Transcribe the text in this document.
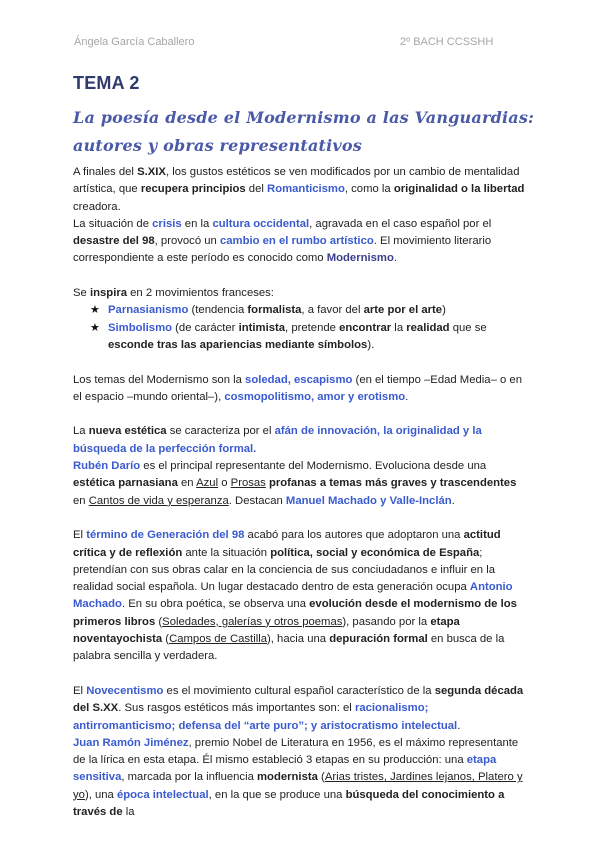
Ángela García Caballero	2º BACH CCSSHH
TEMA 2
La poesía desde el Modernismo a las Vanguardias: autores y obras representativos

A finales del S.XIX, los gustos estéticos se ven modificados por un cambio de mentalidad artística, que recupera principios del Romanticismo, como la originalidad o la libertad creadora.

La situación de crisis en la cultura occidental, agravada en el caso español por el desastre del 98, provocó un cambio en el rumbo artístico. El movimiento literario correspondiente a este período es conocido como Modernismo.

Se inspira en 2 movimientos franceses:

★ Parnasianismo (tendencia formalista, a favor del arte por el arte)
★ Simbolismo (de carácter intimista, pretende encontrar la realidad que se esconde tras las apariencias mediante símbolos).

Los temas del Modernismo son la soledad, escapismo (en el tiempo –Edad Media– o en el espacio –mundo oriental–), cosmopolitismo, amor y erotismo.

La nueva estética se caracteriza por el afán de innovación, la originalidad y la búsqueda de la perfección formal.

Rubén Darío es el principal representante del Modernismo. Evoluciona desde una estética parnasiana en Azul o Prosas profanas a temas más graves y trascendentes en Cantos de vida y esperanza. Destacan Manuel Machado y Valle-Inclán.

El término de Generación del 98 acabó para los autores que adoptaron una actitud crítica y de reflexión ante la situación política, social y económica de España; pretendían con sus obras calar en la conciencia de sus conciudadanos e influir en la realidad social española. Un lugar destacado dentro de esta generación ocupa Antonio Machado. En su obra poética, se observa una evolución desde el modernismo de los primeros libros (Soledades, galerías y otros poemas), pasando por la etapa noventayochista (Campos de Castilla), hacia una depuración formal en busca de la palabra sencilla y verdadera.

El Novecentismo es el movimiento cultural español característico de la segunda década del S.XX. Sus rasgos estéticos más importantes son: el racionalismo; antirromanticismo; defensa del “arte puro”; y aristocratismo intelectual.

Juan Ramón Jiménez, premio Nobel de Literatura en 1956, es el máximo representante de la lírica en esta etapa. Él mismo estableció 3 etapas en su producción: una etapa sensitiva, marcada por la influencia modernista (Arias tristes, Jardines lejanos, Platero y yo), una época intelectual, en la que se produce una búsqueda del conocimiento a través de la
